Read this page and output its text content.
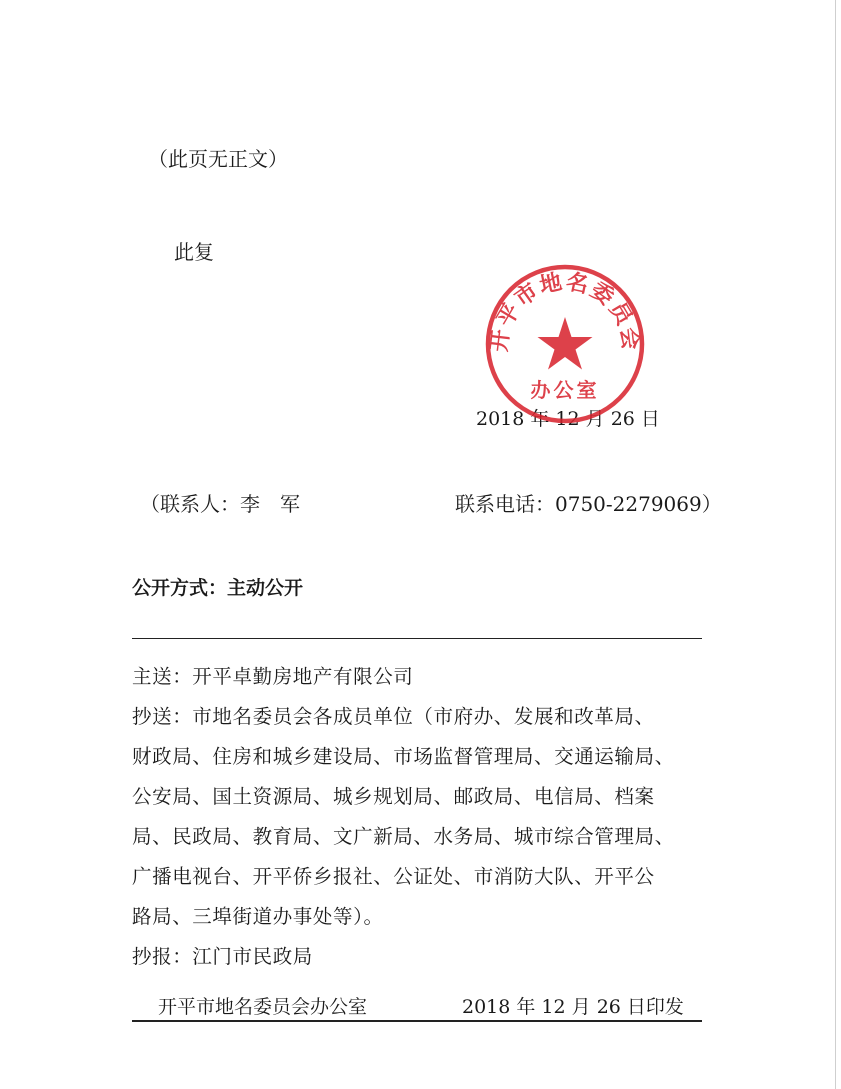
（此页无正文）
此复
2018 年 12 月 26 日
开平市地名委员会
办公室
（联系人：李　军	联系电话：0750-2279069）
公开方式：主动公开
主送：开平卓勤房地产有限公司
抄送：市地名委员会各成员单位（市府办、发展和改革局、
财政局、住房和城乡建设局、市场监督管理局、交通运输局、
公安局、国土资源局、城乡规划局、邮政局、电信局、档案
局、民政局、教育局、文广新局、水务局、城市综合管理局、
广播电视台、开平侨乡报社、公证处、市消防大队、开平公
路局、三埠街道办事处等）。
抄报：江门市民政局
开平市地名委员会办公室	2018 年 12 月 26 日印发
